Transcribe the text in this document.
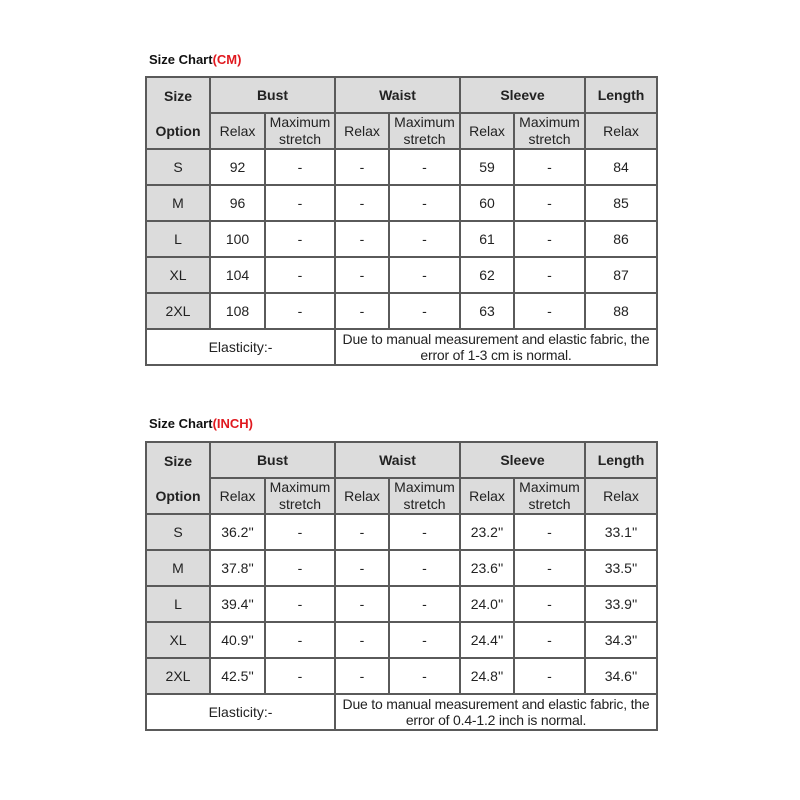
Size Chart(CM)
Size	Bust		Waist		Sleeve		Length
Option	Relax	Maximum stretch	Relax	Maximum stretch	Relax	Maximum stretch	Relax
S	92	-	-	-	59	-	84
M	96	-	-	-	60	-	85
L	100	-	-	-	61	-	86
XL	104	-	-	-	62	-	87
2XL	108	-	-	-	63	-	88
Elasticity:-			Due to manual measurement and elastic fabric, the error of 1-3 cm is normal.				
Size Chart(INCH)
Size	Bust		Waist		Sleeve		Length
Option	Relax	Maximum stretch	Relax	Maximum stretch	Relax	Maximum stretch	Relax
S	36.2''	-	-	-	23.2''	-	33.1''
M	37.8''	-	-	-	23.6''	-	33.5''
L	39.4''	-	-	-	24.0''	-	33.9''
XL	40.9''	-	-	-	24.4''	-	34.3''
2XL	42.5''	-	-	-	24.8''	-	34.6''
Elasticity:-			Due to manual measurement and elastic fabric, the error of 0.4-1.2 inch is normal.				
